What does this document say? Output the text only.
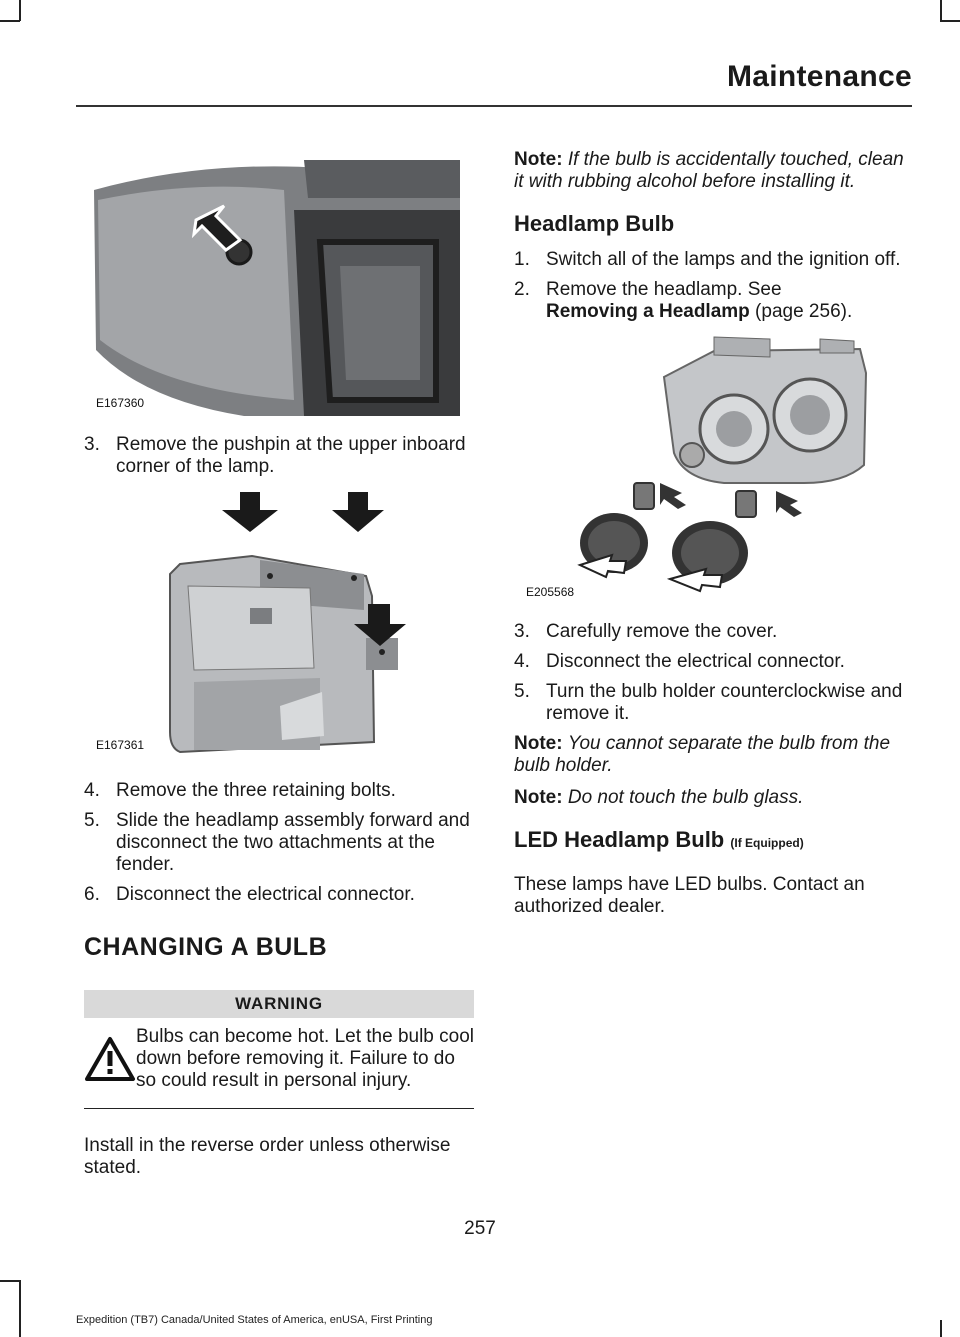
Maintenance
E167360
3. Remove the pushpin at the upper inboard corner of the lamp.
E167361
4. Remove the three retaining bolts.
5. Slide the headlamp assembly forward and disconnect the two attachments at the fender.
6. Disconnect the electrical connector.

CHANGING A BULB

WARNING
Bulbs can become hot. Let the bulb cool down before removing it. Failure to do so could result in personal injury.

Install in the reverse order unless otherwise stated.

Note: If the bulb is accidentally touched, clean it with rubbing alcohol before installing it.

Headlamp Bulb

1. Switch all of the lamps and the ignition off.
2. Remove the headlamp. See
Removing a Headlamp (page 256).
E205568
3. Carefully remove the cover.
4. Disconnect the electrical connector.
5. Turn the bulb holder counterclockwise and remove it.

Note: You cannot separate the bulb from the bulb holder.

Note: Do not touch the bulb glass.

LED Headlamp Bulb (If Equipped)

These lamps have LED bulbs. Contact an authorized dealer.

257
Expedition (TB7) Canada/United States of America, enUSA, First Printing
